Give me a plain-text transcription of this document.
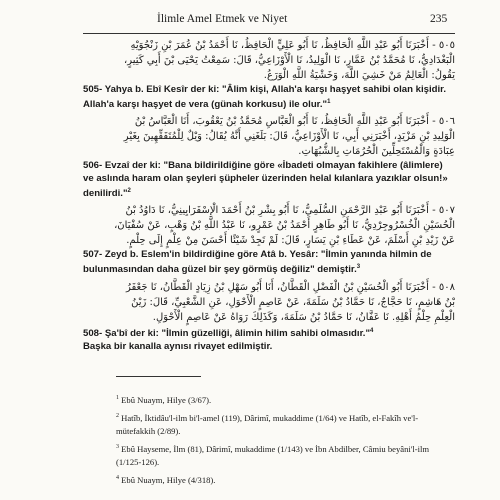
İlimle Amel Etmek ve Niyet	235

٥٠٥ - أَخْبَرَنَا أَبُو عَبْدِ اللَّهِ الْحَافِظُ، نَا أَبُو عَلِيٍّ الْحَافِظُ، نَا أَحْمَدُ بْنُ عُمَرَ بْنِ زَنْجُوَيْهِ

الْبَغْدَادِيُّ، نَا مُحَمَّدُ بْنُ عَمَّارٍ، نَا الْوَلِيدُ، نَا الْأَوْزَاعِيُّ، قَالَ: سَمِعْتُ يَحْيَى بْنَ أَبِي كَثِيرٍ،

يَقُولُ: الْعَالِمُ مَنْ خَشِيَ اللَّهَ، وَخَشْيَةُ اللَّهِ الْوَرَعُ.

505- Yahya b. Ebî Kesîr der ki: "Âlim kişi, Allah'a karşı haşyet sahibi olan kişidir. Allah'a karşı haşyet de vera (günah korkusu) ile olur."$^1$

٥٠٦ - أَخْبَرَنَا أَبُو عَبْدِ اللَّهِ الْحَافِظُ، نَا أَبُو الْعَبَّاسِ مُحَمَّدُ بْنُ يَعْقُوبَ، أَنَا الْعَبَّاسُ بْنُ

الْوَلِيدِ بْنِ مَزْيَدٍ، أَخْبَرَنِي أَبِي، نَا الْأَوْزَاعِيُّ، قَالَ: بَلَغَنِي أَنَّهُ يُقَالُ: وَيْلٌ لِلْمُتَفَقِّهِينَ بِغَيْرِ

عِبَادَةٍ وَالْمُسْتَحِلِّينَ الْحُرُمَاتِ بِالشُّبُهَاتِ.

506- Evzaî der ki: "Bana bildirildiğine göre «İbadeti olmayan fakihlere (âlimlere) ve aslında haram olan şeyleri şüpheler üzerinden helal kılanlara yazıklar olsun!» denilirdi."$^2$

٥٠٧ - أَخْبَرَنَا أَبُو عَبْدِ الرَّحْمَنِ السُّلَمِيُّ، نَا أَبُو بِشْرِ بْنُ أَحْمَدَ الْإِسْفَرَايِينِيُّ، نَا دَاوُدُ بْنُ

الْحُسَيْنِ الْخُسْرُوجِرْدِيُّ، نَا أَبُو طَاهِرٍ أَحْمَدُ بْنُ عَمْرٍو، نَا عَبْدُ اللَّهِ بْنُ وَهْبٍ، عَنْ سُفْيَانَ،

عَنْ زَيْدِ بْنِ أَسْلَمَ، عَنْ عَطَاءِ بْنِ يَسَارٍ، قَالَ: لَمْ تَجِدْ شَيْئًا أَحْسَنَ مِنْ عِلْمٍ إِلَى حِلْمٍ.

507- Zeyd b. Eslem'in bildirdiğine göre Atâ b. Yesâr: "İlmin yanında hilmin de bulunmasından daha güzel bir şey görmüş değiliz" demiştir.$^3$

٥٠٨ - أَخْبَرَنَا أَبُو الْحُسَيْنِ بْنُ الْفَضْلِ الْقَطَّانُ، أَنَا أَبُو سَهْلِ بْنُ زِيَادٍ الْقَطَّانُ، نَا جَعْفَرُ

بْنُ هَاشِمٍ، نَا حَجَّاجٌ، نَا حَمَّادُ بْنُ سَلَمَةَ، عَنْ عَاصِمٍ الْأَحْوَلِ، عَنِ الشَّعْبِيِّ، قَالَ: زَيْنُ

الْعِلْمِ حِلْمُ أَهْلِهِ. نَا عَفَّانُ، نَا حَمَّادُ بْنُ سَلَمَةَ، وَكَذَلِكَ رَوَاهُ عَنْ عَاصِمٍ الْأَحْوَلِ.

508- Şa'bî der ki: "İlmin güzelliği, âlimin hilim sahibi olmasıdır."$^4$

Başka bir kanalla aynısı rivayet edilmiştir.

$^1$ Ebû Nuaym, Hilye (3/67).
$^2$ Hatîb, İktidâu'l-ilm bi'l-amel (119), Dârimî, mukaddime (1/64) ve Hatîb, el-Fakîh ve'l-mütefakkih (2/89).
$^3$ Ebû Hayseme, İlm (81), Dârimî, mukaddime (1/143) ve İbn Abdilber, Câmiu beyâni'l-ilm (1/125-126).
$^4$ Ebû Nuaym, Hilye (4/318).
